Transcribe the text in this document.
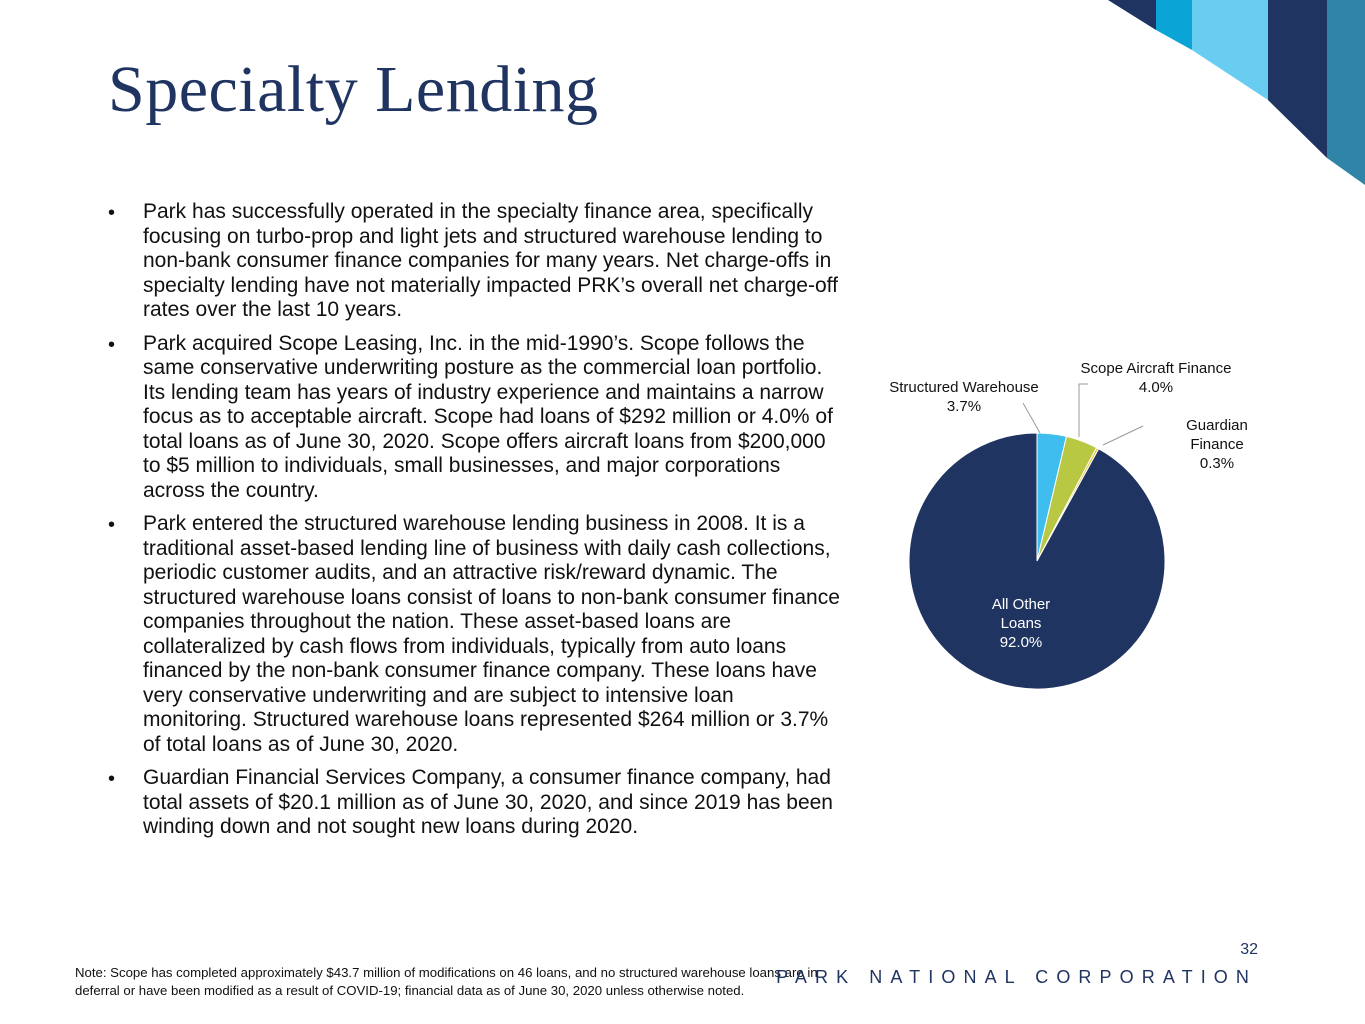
Specialty Lending
• Park has successfully operated in the specialty finance area, specifically focusing on turbo-prop and light jets and structured warehouse lending to non-bank consumer finance companies for many years. Net charge-offs in specialty lending have not materially impacted PRK’s overall net charge-off rates over the last 10 years.
• Park acquired Scope Leasing, Inc. in the mid-1990’s. Scope follows the same conservative underwriting posture as the commercial loan portfolio. Its lending team has years of industry experience and maintains a narrow focus as to acceptable aircraft. Scope had loans of $292 million or 4.0% of total loans as of June 30, 2020. Scope offers aircraft loans from $200,000 to $5 million to individuals, small businesses, and major corporations across the country.
• Park entered the structured warehouse lending business in 2008. It is a traditional asset-based lending line of business with daily cash collections, periodic customer audits, and an attractive risk/reward dynamic. The structured warehouse loans consist of loans to non-bank consumer finance companies throughout the nation. These asset-based loans are collateralized by cash flows from individuals, typically from auto loans financed by the non-bank consumer finance company. These loans have very conservative underwriting and are subject to intensive loan monitoring. Structured warehouse loans represented $264 million or 3.7% of total loans as of June 30, 2020.
• Guardian Financial Services Company, a consumer finance company, had total assets of $20.1 million as of June 30, 2020, and since 2019 has been winding down and not sought new loans during 2020.
Structured Warehouse 3.7%
Scope Aircraft Finance 4.0%
Guardian Finance 0.3%
All Other Loans 92.0%
32

Note: Scope has completed approximately $43.7 million of modifications on 46 loans, and no structured warehouse loans are in deferral or have been modified as a result of COVID-19; financial data as of June 30, 2020 unless otherwise noted.

PARK NATIONAL CORPORATION
